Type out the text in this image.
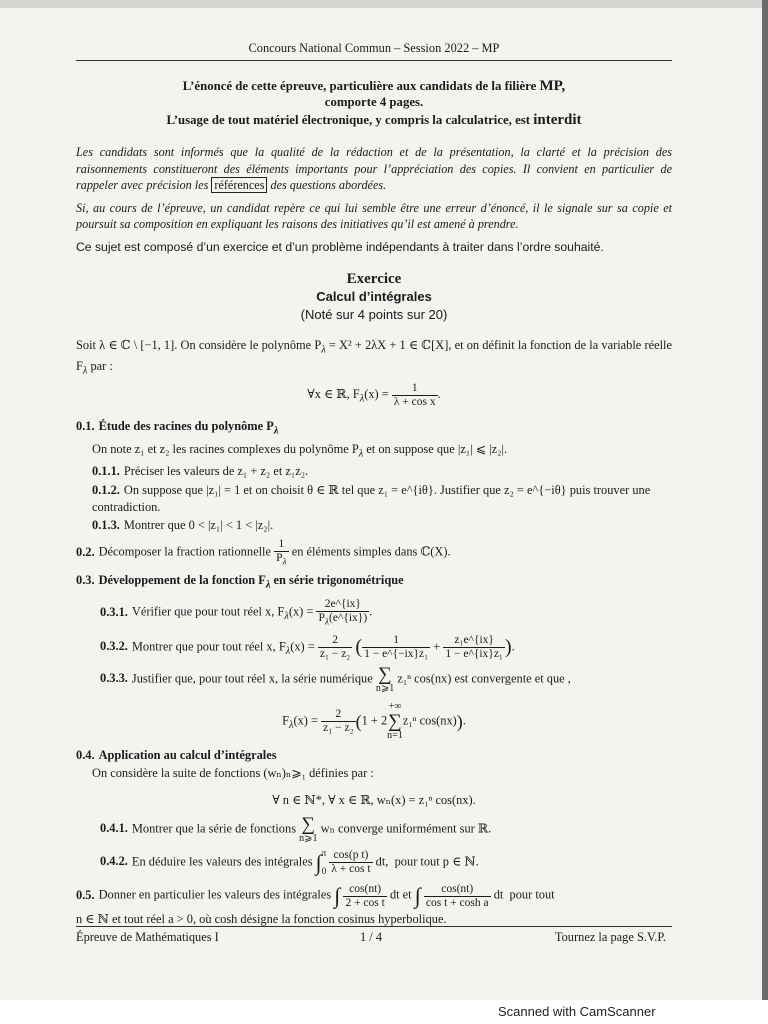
Concours National Commun – Session 2022 – MP
L’énoncé de cette épreuve, particulière aux candidats de la filière MP,
comporte 4 pages.
L’usage de tout matériel électronique, y compris la calculatrice, est interdit

Les candidats sont informés que la qualité de la rédaction et de la présentation, la clarté et la précision des raisonnements constitueront des éléments importants pour l’appréciation des copies. Il convient en particulier de rappeler avec précision les références des questions abordées.

Si, au cours de l’épreuve, un candidat repère ce qui lui semble être une erreur d’énoncé, il le signale sur sa copie et poursuit sa composition en expliquant les raisons des initiatives qu’il est amené à prendre.

Ce sujet est composé d’un exercice et d’un problème indépendants à traiter dans l’ordre souhaité.
Exercice
Calcul d’intégrales
(Noté sur 4 points sur 20)
Soit λ ∈ ℂ \ [−1, 1]. On considère le polynôme $P_\lambda = X^2 + 2\lambda X + 1$ ∈ ℂ[X], et on définit la fonction de la variable réelle $F_\lambda$ par :
∀x ∈ ℝ, $F_\lambda(x) = \frac{1}{\text{λ + cos x}}$ .
0.1. Étude des racines du polynôme $P_\lambda$
On note z₁ et z₂ les racines complexes du polynôme $P_\lambda$ et on suppose que |z₁| ⩽ |z₂|.
0.1.1. Préciser les valeurs de z₁ + z₂ et z₁z₂.
0.1.2. On suppose que |z₁| = 1 et on choisit θ ∈ ℝ tel que z₁ = e^{iθ}. Justifier que z₂ = e^{−iθ} puis trouver une contradiction.
0.1.3. Montrer que 0 < |z₁| < 1 < |z₂|.
0.2. Décomposer la fraction rationnelle $\frac{1}{P_\lambda}$ en éléments simples dans ℂ(X).
0.3. Développement de la fonction $F_\lambda$ en série trigonométrique
0.3.1. Vérifier que pour tout réel x, $F_\lambda(x) = \frac{2e\^{}\{ix\}}{P_\lambda(e\^{}\{ix\})}$ .
0.3.2. Montrer que pour tout réel x, $F_\lambda(x) = \frac{2}{\text{z₁ − z₂}}$ ( $\frac{1}{\text{1 − e\textasciicircum{}\{−ix\}z₁}} + \frac{\text{z₁e\textasciicircum{}\{ix\}}}{\text{1 − e\textasciicircum{}\{ix\}z₁}}$ ).
0.3.3. Justifier que, pour tout réel x, la série numérique ∑
n⩾1 z₁ⁿ cos(nx) est convergente et que ,
$F_\lambda(x) = \frac{2}{\text{z₁ − z₂}} (1 + 2+\infty$
∑
n=1z₁ⁿ cos(nx)).
0.4. Application au calcul d’intégrales
On considère la suite de fonctions (wₙ)ₙ⩾₁ définies par :
∀ n ∈ ℕ*, ∀ x ∈ ℝ, wₙ(x) = z₁ⁿ cos(nx).
0.4.1. Montrer que la série de fonctions ∑
n⩾1 wₙ converge uniformément sur ℝ.
0.4.2. En déduire les valeurs des intégrales ∫π

$0 \frac{\text{cos(p t)}}{\text{λ + cos t}}$ dt, pour tout p ∈ ℕ.
0.5. Donner en particulier les valeurs des intégrales ∫ $\frac{\cos(nt)}{\text{2 + cos t}}$ dt et ∫ $\frac{\cos(nt)}{\text{cos t + cosh a}}$ dt pour tout
n ∈ ℕ et tout réel a > 0, où cosh désigne la fonction cosinus hyperbolique.
Épreuve de Mathématiques I	1 / 4	Tournez la page S.V.P.
Scanned with CamScanner
